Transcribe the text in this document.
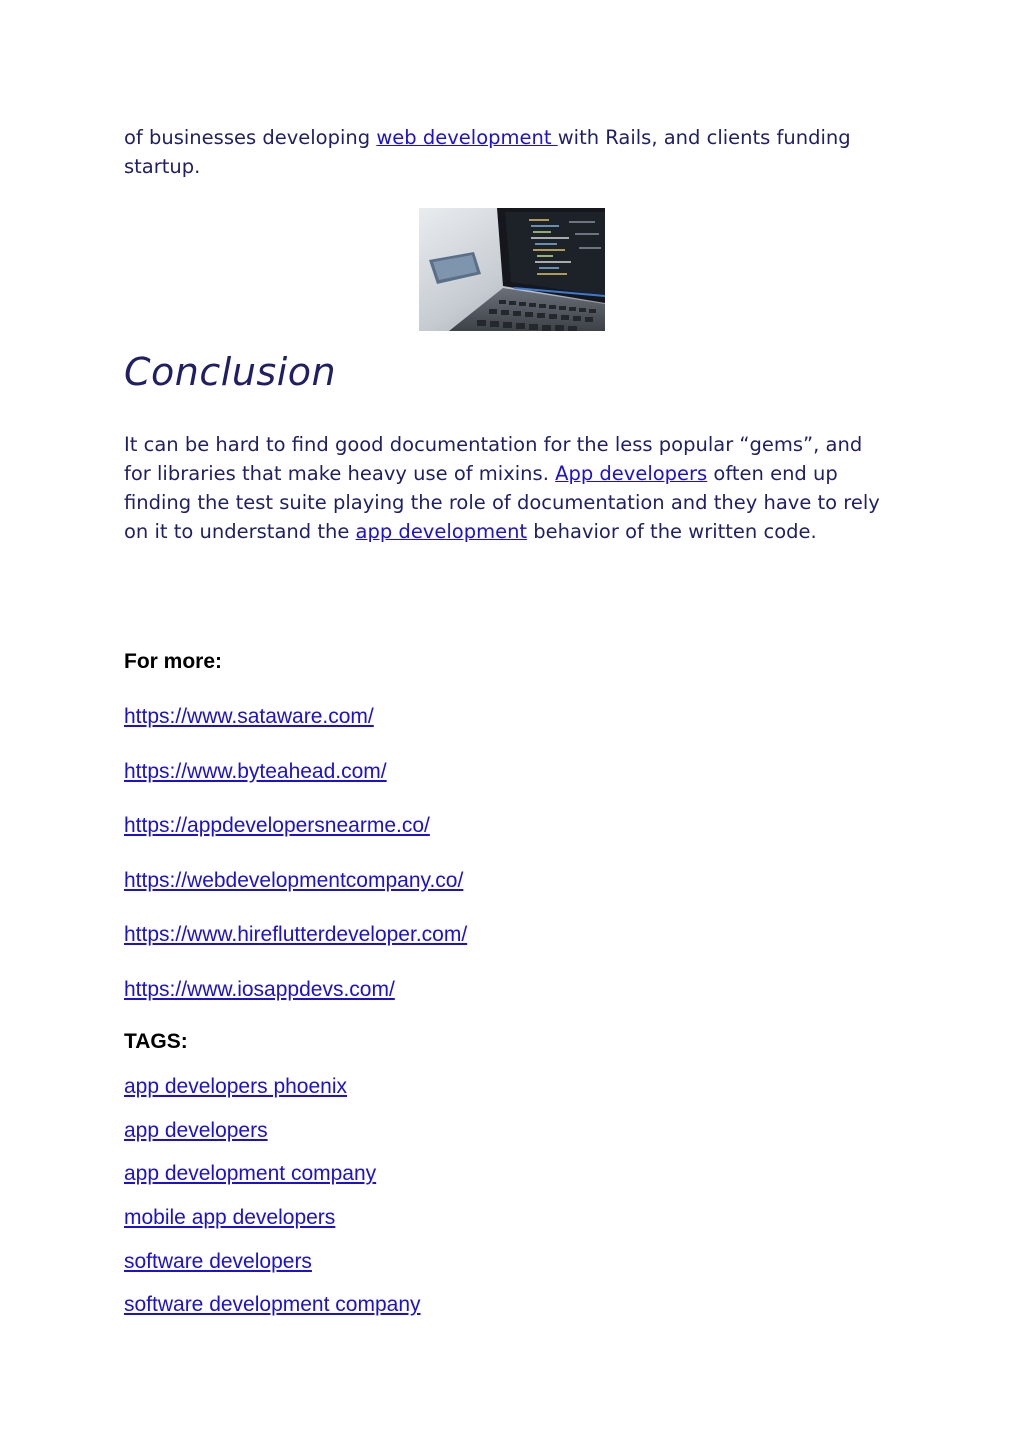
of businesses developing web development with Rails, and clients funding startup.

Conclusion

It can be hard to find good documentation for the less popular “gems”, and for libraries that make heavy use of mixins. App developers often end up finding the test suite playing the role of documentation and they have to rely on it to understand the app development behavior of the written code.

For more:

https://www.sataware.com/
https://www.byteahead.com/
https://appdevelopersnearme.co/
https://webdevelopmentcompany.co/
https://www.hireflutterdeveloper.com/
https://www.iosappdevs.com/

TAGS:

app developers phoenix
app developers
app development company
mobile app developers
software developers
software development company
